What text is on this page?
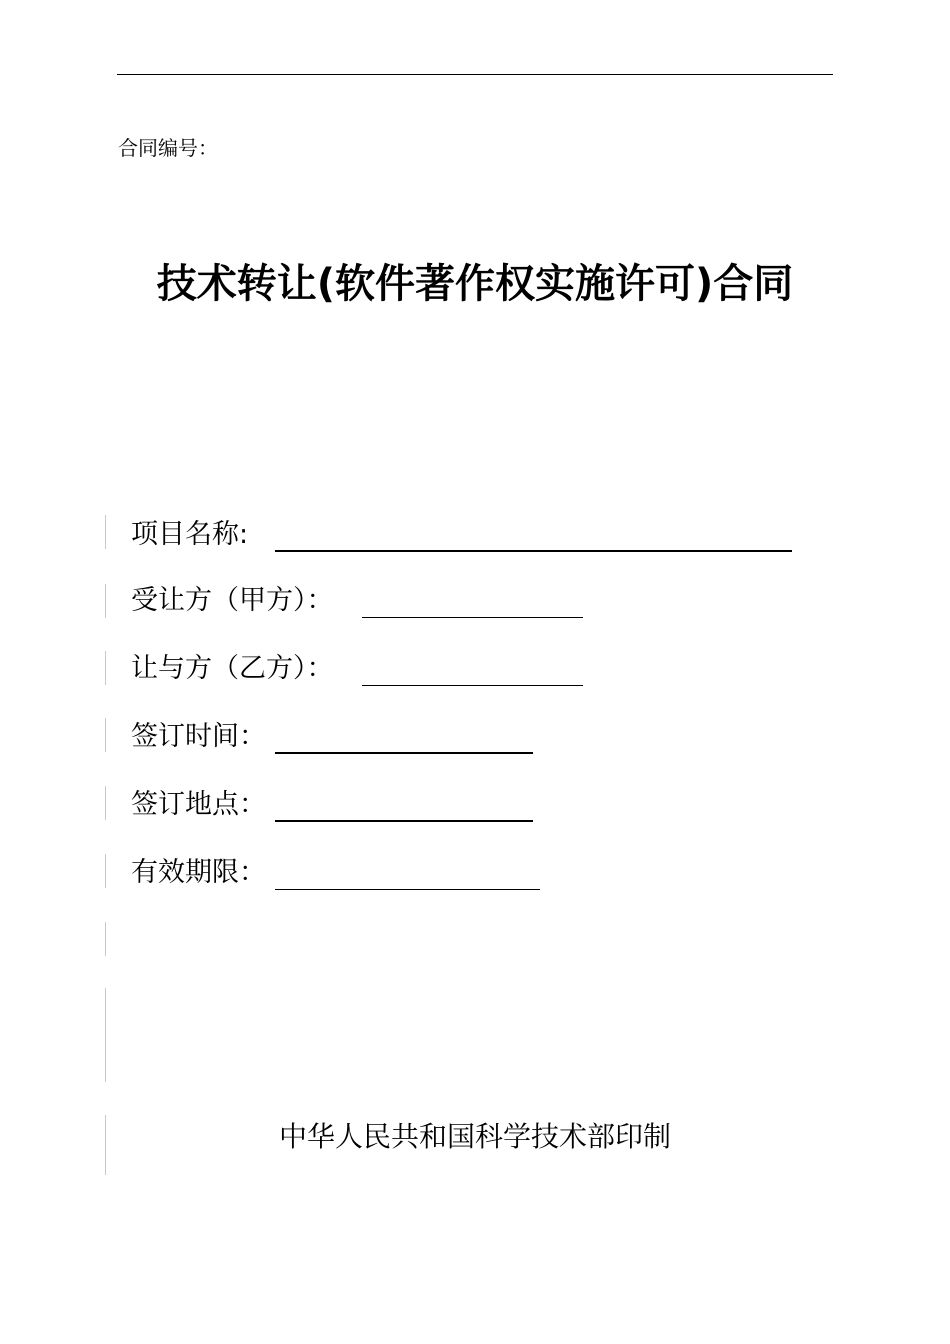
合同编号：
技术转让(软件著作权实施许可)合同
项目名称:
受让方（甲方）：
让与方（乙方）：
签订时间：
签订地点：
有效期限：
中华人民共和国科学技术部印制
